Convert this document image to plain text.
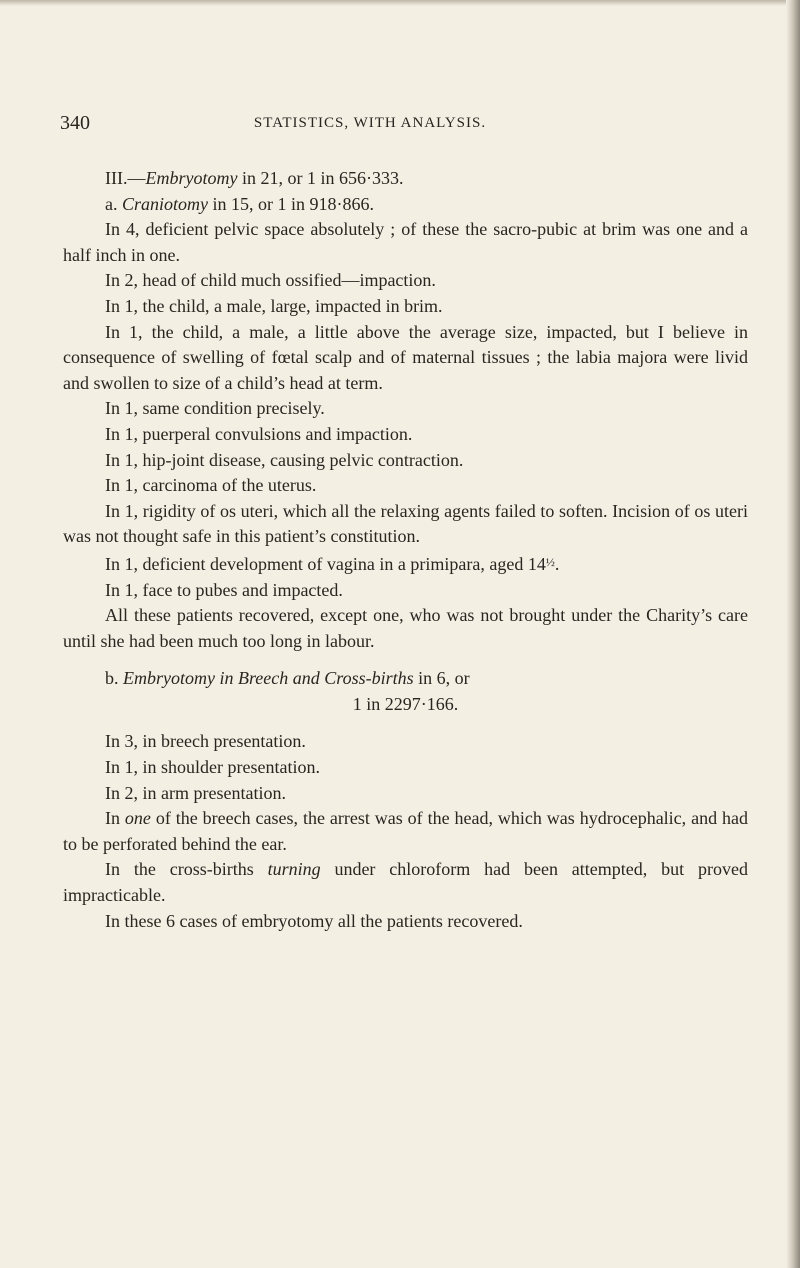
340	STATISTICS, WITH ANALYSIS.

III.—Embryotomy in 21, or 1 in 656·333.

a. Craniotomy in 15, or 1 in 918·866.

In 4, deficient pelvic space absolutely ; of these the sacro-pubic at brim was one and a half inch in one.

In 2, head of child much ossified—impaction.

In 1, the child, a male, large, impacted in brim.

In 1, the child, a male, a little above the average size, impacted, but I believe in consequence of swelling of fœtal scalp and of maternal tissues ; the labia majora were livid and swollen to size of a child’s head at term.

In 1, same condition precisely.

In 1, puerperal convulsions and impaction.

In 1, hip-joint disease, causing pelvic contraction.

In 1, carcinoma of the uterus.

In 1, rigidity of os uteri, which all the relaxing agents failed to soften. Incision of os uteri was not thought safe in this patient’s constitution.

In 1, deficient development of vagina in a primipara, aged $14^{\frac{1}{2}}$.

In 1, face to pubes and impacted.

All these patients recovered, except one, who was not brought under the Charity’s care until she had been much too long in labour.

b. Embryotomy in Breech and Cross-births in 6, or

1 in 2297·166.

In 3, in breech presentation.

In 1, in shoulder presentation.

In 2, in arm presentation.

In one of the breech cases, the arrest was of the head, which was hydrocephalic, and had to be perforated behind the ear.

In the cross-births turning under chloroform had been attempted, but proved impracticable.

In these 6 cases of embryotomy all the patients recovered.
